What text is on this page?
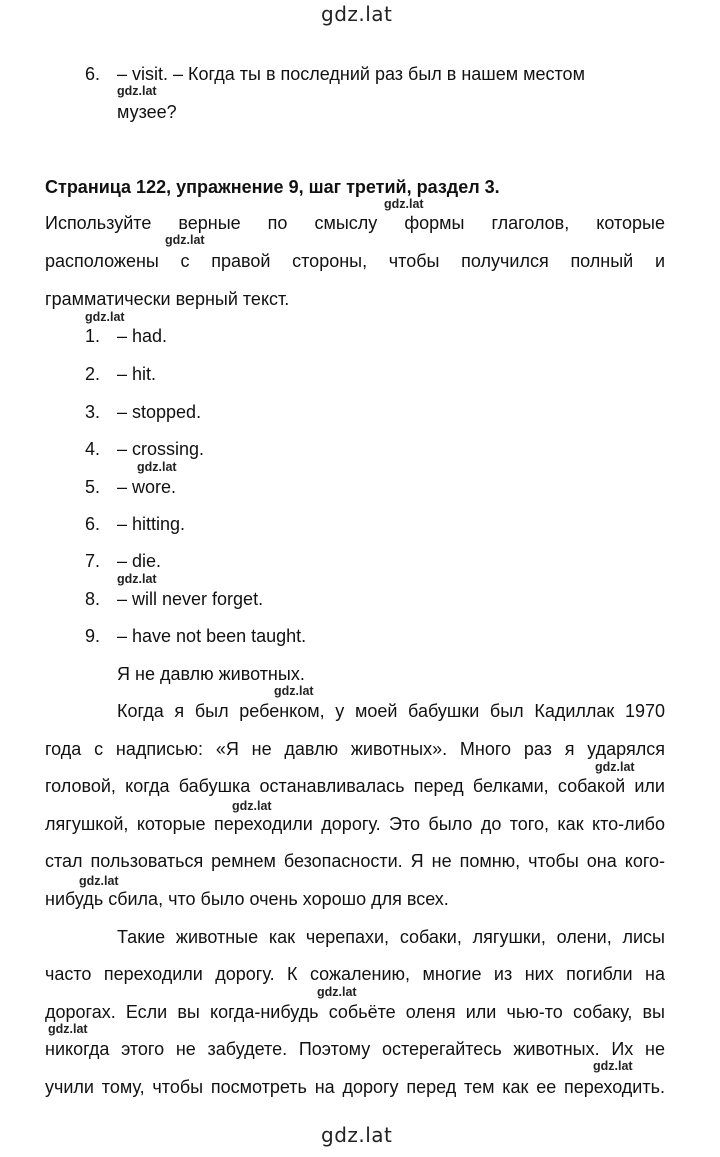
gdz.lat
6. – visit. – Когда ты в последний раз был в нашем местом
gdz.lat
музее?
Страница 122, упражнение 9, шаг третий, раздел 3.
gdz.lat
Используйте верные по смыслу формы глаголов, которые
gdz.lat
расположены с правой стороны, чтобы получился полный и
грамматически верный текст.
gdz.lat
1. – had.
2. – hit.
3. – stopped.
4. – crossing.
gdz.lat
5. – wore.
6. – hitting.
7. – die.
gdz.lat
8. – will never forget.
9. – have not been taught.
Я не давлю животных.
gdz.lat
Когда я был ребенком, у моей бабушки был Кадиллак 1970
года с надписью: «Я не давлю животных». Много раз я ударялся
gdz.lat
головой, когда бабушка останавливалась перед белками, собакой или
gdz.lat
лягушкой, которые переходили дорогу. Это было до того, как кто-либо
стал пользоваться ремнем безопасности. Я не помню, чтобы она кого-
gdz.lat
нибудь сбила, что было очень хорошо для всех.
Такие животные как черепахи, собаки, лягушки, олени, лисы
часто переходили дорогу. К сожалению, многие из них погибли на
gdz.lat
дорогах. Если вы когда-нибудь собьёте оленя или чью-то собаку, вы
gdz.lat
никогда этого не забудете. Поэтому остерегайтесь животных. Их не
gdz.lat
учили тому, чтобы посмотреть на дорогу перед тем как ее переходить.
gdz.lat
